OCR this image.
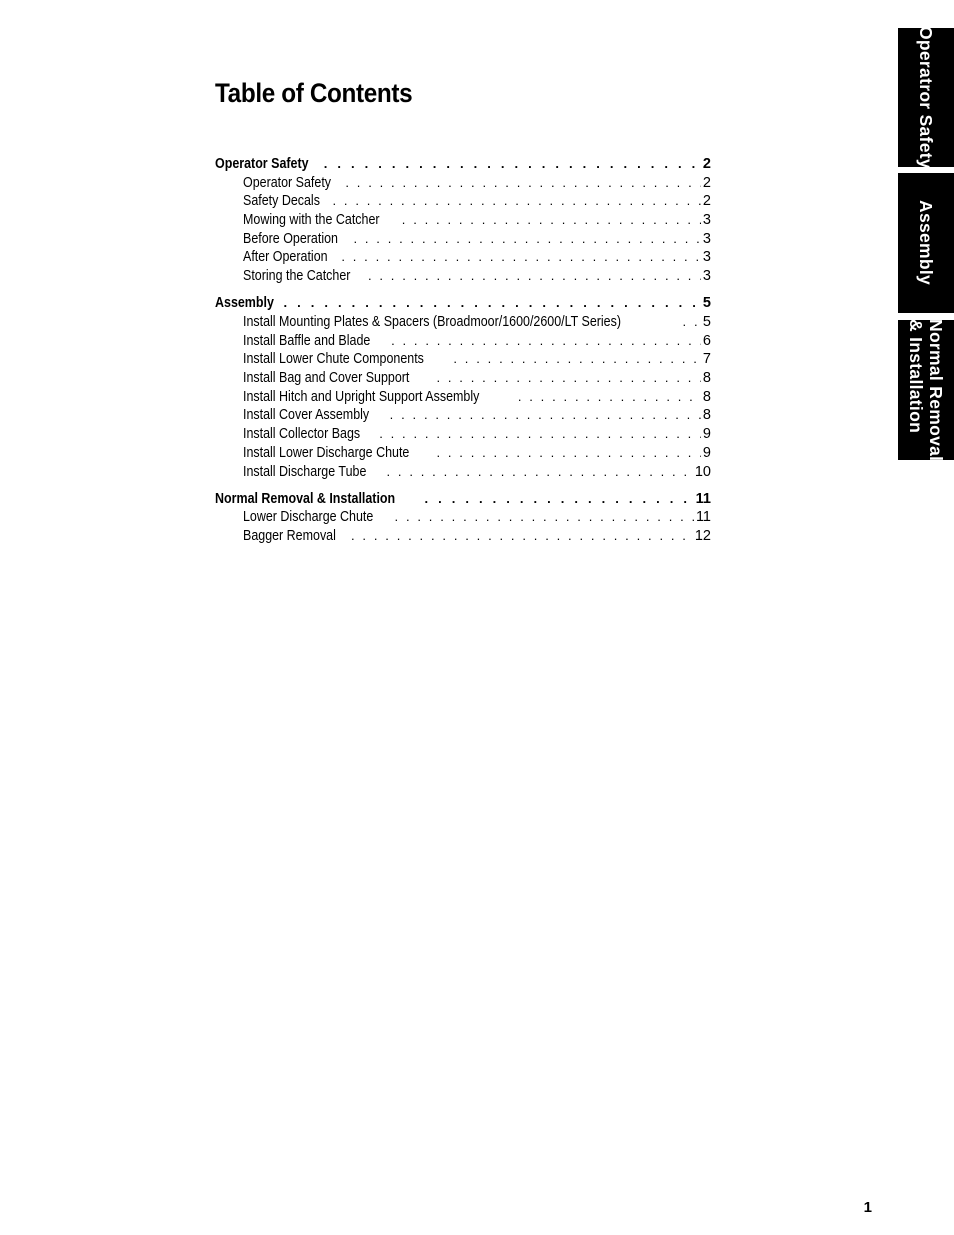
Table of Contents
Operator Safety . . .	2
Operator Safety . . .	2
Safety Decals . . .	2
Mowing with the Catcher . . .	3
Before Operation . . .	3
After Operation . . .	3
Storing the Catcher . . .	3
Assembly . . .	5
Install Mounting Plates & Spacers (Broadmoor/1600/2600/LT Series) . . .	5
Install Baffle and Blade . . .	6
Install Lower Chute Components . . .	7
Install Bag and Cover Support . . .	8
Install Hitch and Upright Support Assembly . . .	8
Install Cover Assembly . . .	8
Install Collector Bags . . .	9
Install Lower Discharge Chute . . .	9
Install Discharge Tube . . .	10
Normal Removal & Installation . . .	11
Lower Discharge Chute . . .	11
Bagger Removal . . .	12
Operatror Safety
Assembly
Normal Removal
& Installation
1
